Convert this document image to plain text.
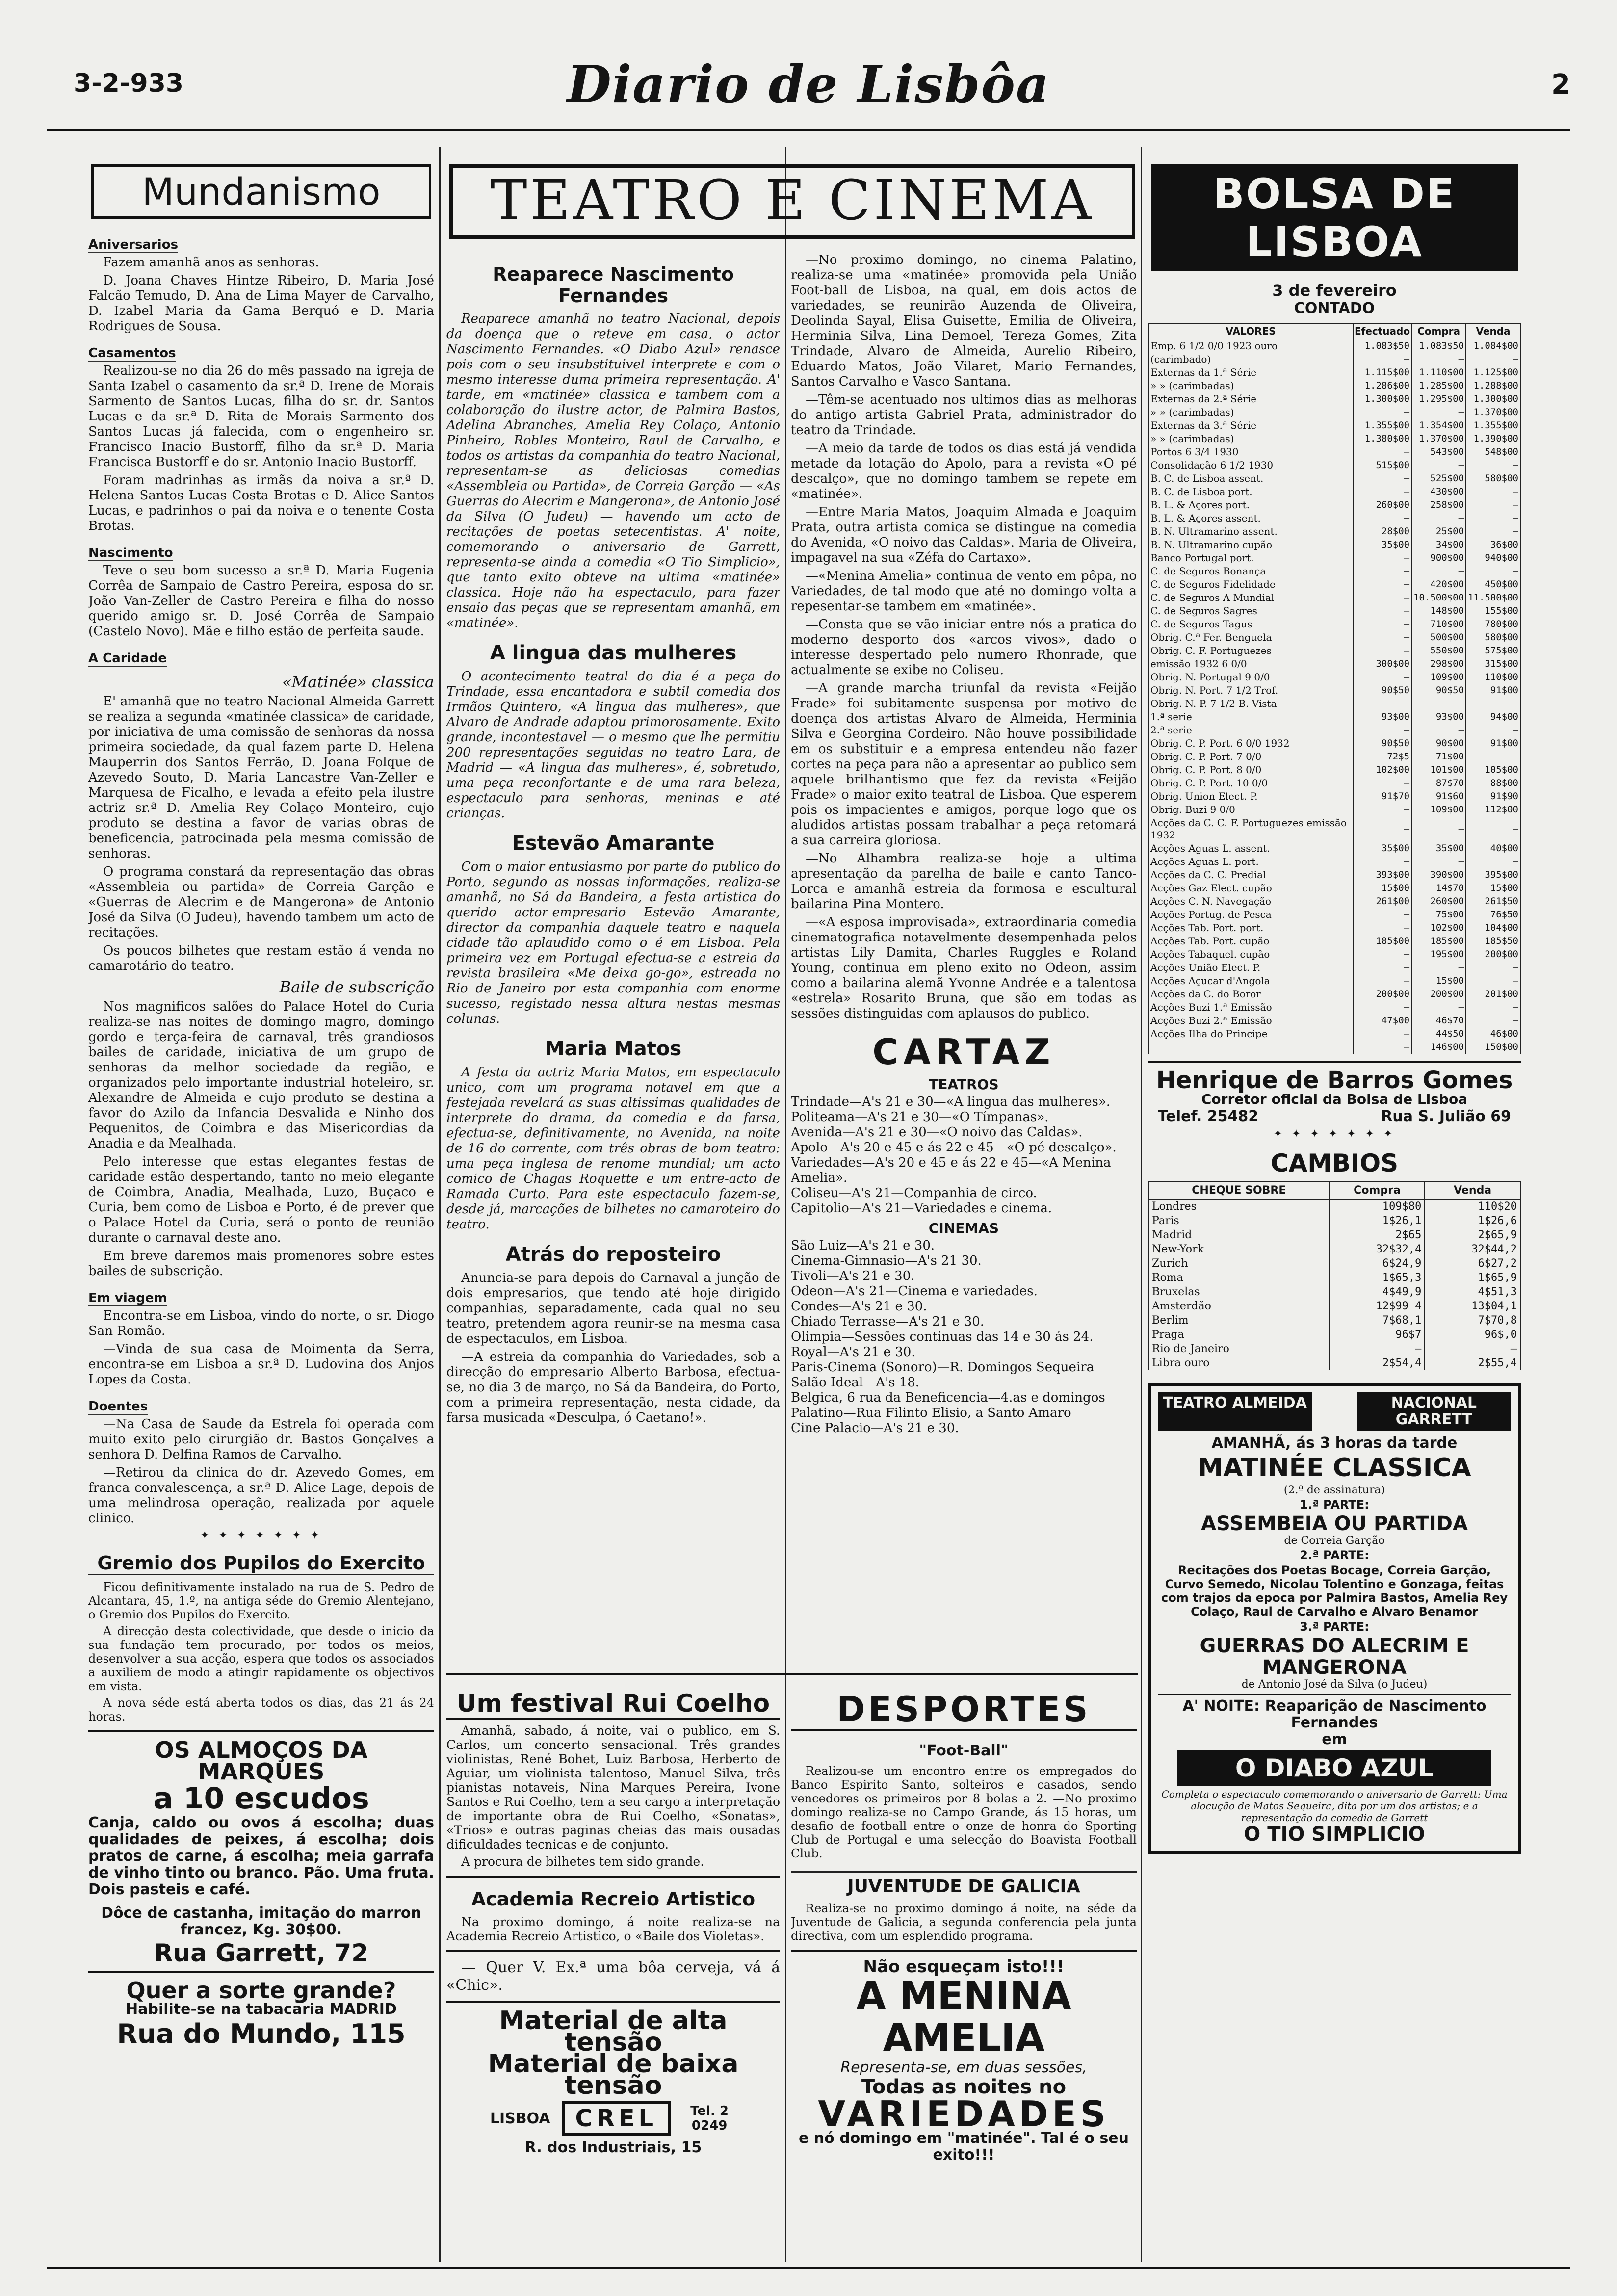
3-2-933	Diario de Lisbôa	2
Mundanismo
Aniversarios
Fazem amanhã anos as senhoras.
D. Joana Chaves Hintze Ribeiro, D. Maria José Falcão Temudo, D. Ana de Lima Mayer de Carvalho, D. Izabel Maria da Gama Berquó e D. Maria Rodrigues de Sousa.
Casamentos
Realizou-se no dia 26 do mês passado na igreja de Santa Izabel o casamento da sr.ª D. Irene de Morais Sarmento de Santos Lucas, filha do sr. dr. Santos Lucas e da sr.ª D. Rita de Morais Sarmento dos Santos Lucas já falecida, com o engenheiro sr. Francisco Inacio Bustorff, filho da sr.ª D. Maria Francisca Bustorff e do sr. Antonio Inacio Bustorff.
Foram madrinhas as irmãs da noiva a sr.ª D. Helena Santos Lucas Costa Brotas e D. Alice Santos Lucas, e padrinhos o pai da noiva e o tenente Costa Brotas.
Nascimento
Teve o seu bom sucesso a sr.ª D. Maria Eugenia Corrêa de Sampaio de Castro Pereira, esposa do sr. João Van-Zeller de Castro Pereira e filha do nosso querido amigo sr. D. José Corrêa de Sampaio (Castelo Novo). Mãe e filho estão de perfeita saude.
A Caridade
«Matinée» classica
E' amanhã que no teatro Nacional Almeida Garrett se realiza a segunda «matinée classica» de caridade, por iniciativa de uma comissão de senhoras da nossa primeira sociedade, da qual fazem parte D. Helena Mauperrin dos Santos Ferrão, D. Joana Folque de Azevedo Souto, D. Maria Lancastre Van-Zeller e Marquesa de Ficalho, e levada a efeito pela ilustre actriz sr.ª D. Amelia Rey Colaço Monteiro, cujo produto se destina a favor de varias obras de beneficencia, patrocinada pela mesma comissão de senhoras.
O programa constará da representação das obras «Assembleia ou partida» de Correia Garção e «Guerras de Alecrim e de Mangerona» de Antonio José da Silva (O Judeu), havendo tambem um acto de recitações.
Os poucos bilhetes que restam estão á venda no camarotário do teatro.
Baile de subscrição
Nos magnificos salões do Palace Hotel do Curia realiza-se nas noites de domingo magro, domingo gordo e terça-feira de carnaval, três grandiosos bailes de caridade, iniciativa de um grupo de senhoras da melhor sociedade da região, e organizados pelo importante industrial hoteleiro, sr. Alexandre de Almeida e cujo produto se destina a favor do Azilo da Infancia Desvalida e Ninho dos Pequenitos, de Coimbra e das Misericordias da Anadia e da Mealhada.
Pelo interesse que estas elegantes festas de caridade estão despertando, tanto no meio elegante de Coimbra, Anadia, Mealhada, Luzo, Buçaco e Curia, bem como de Lisboa e Porto, é de prever que o Palace Hotel da Curia, será o ponto de reunião durante o carnaval deste ano.
Em breve daremos mais promenores sobre estes bailes de subscrição.
Em viagem
Encontra-se em Lisboa, vindo do norte, o sr. Diogo San Romão.
—Vinda de sua casa de Moimenta da Serra, encontra-se em Lisboa a sr.ª D. Ludovina dos Anjos Lopes da Costa.
Doentes
—Na Casa de Saude da Estrela foi operada com muito exito pelo cirurgião dr. Bastos Gonçalves a senhora D. Delfina Ramos de Carvalho.
—Retirou da clinica do dr. Azevedo Gomes, em franca convalescença, a sr.ª D. Alice Lage, depois de uma melindrosa operação, realizada por aquele clinico.
✦ ✦ ✦ ✦ ✦ ✦ ✦
Gremio dos Pupilos do Exercito
Ficou definitivamente instalado na rua de S. Pedro de Alcantara, 45, 1.º, na antiga séde do Gremio Alentejano, o Gremio dos Pupilos do Exercito.
A direcção desta colectividade, que desde o inicio da sua fundação tem procurado, por todos os meios, desenvolver a sua acção, espera que todos os associados a auxiliem de modo a atingir rapidamente os objectivos em vista.
A nova séde está aberta todos os dias, das 21 ás 24 horas.
OS ALMOÇOS DA MARQUES
a 10 escudos
Canja, caldo ou ovos á escolha; duas qualidades de peixes, á escolha; dois pratos de carne, á escolha; meia garrafa de vinho tinto ou branco. Pão. Uma fruta. Dois pasteis e café.
Dôce de castanha, imitação do marron francez, Kg. 30$00.
Rua Garrett, 72
Quer a sorte grande?
Habilite-se na tabacaria MADRID
Rua do Mundo, 115
TEATRO E CINEMA
Reaparece Nascimento Fernandes
Reaparece amanhã no teatro Nacional, depois da doença que o reteve em casa, o actor Nascimento Fernandes. «O Diabo Azul» renasce pois com o seu insubstituivel interprete e com o mesmo interesse duma primeira representação. A' tarde, em «matinée» classica e tambem com a colaboração do ilustre actor, de Palmira Bastos, Adelina Abranches, Amelia Rey Colaço, Antonio Pinheiro, Robles Monteiro, Raul de Carvalho, e todos os artistas da companhia do teatro Nacional, representam-se as deliciosas comedias «Assembleia ou Partida», de Correia Garção — «As Guerras do Alecrim e Mangerona», de Antonio José da Silva (O Judeu) — havendo um acto de recitações de poetas setecentistas. A' noite, comemorando o aniversario de Garrett, representa-se ainda a comedia «O Tio Simplicio», que tanto exito obteve na ultima «matinée» classica. Hoje não ha espectaculo, para fazer ensaio das peças que se representam amanhã, em «matinée».
A lingua das mulheres
O acontecimento teatral do dia é a peça do Trindade, essa encantadora e subtil comedia dos Irmãos Quintero, «A lingua das mulheres», que Alvaro de Andrade adaptou primorosamente. Exito grande, incontestavel — o mesmo que lhe permitiu 200 representações seguidas no teatro Lara, de Madrid — «A lingua das mulheres», é, sobretudo, uma peça reconfortante e de uma rara beleza, espectaculo para senhoras, meninas e até crianças.
Estevão Amarante
Com o maior entusiasmo por parte do publico do Porto, segundo as nossas informações, realiza-se amanhã, no Sá da Bandeira, a festa artistica do querido actor-empresario Estevão Amarante, director da companhia daquele teatro e naquela cidade tão aplaudido como o é em Lisboa. Pela primeira vez em Portugal efectua-se a estreia da revista brasileira «Me deixa go-go», estreada no Rio de Janeiro por esta companhia com enorme sucesso, registado nessa altura nestas mesmas colunas.
Maria Matos
A festa da actriz Maria Matos, em espectaculo unico, com um programa notavel em que a festejada revelará as suas altissimas qualidades de interprete do drama, da comedia e da farsa, efectua-se, definitivamente, no Avenida, na noite de 16 do corrente, com três obras de bom teatro: uma peça inglesa de renome mundial; um acto comico de Chagas Roquette e um entre-acto de Ramada Curto. Para este espectaculo fazem-se, desde já, marcações de bilhetes no camaroteiro do teatro.
Atrás do reposteiro
Anuncia-se para depois do Carnaval a junção de dois empresarios, que tendo até hoje dirigido companhias, separadamente, cada qual no seu teatro, pretendem agora reunir-se na mesma casa de espectaculos, em Lisboa.
—A estreia da companhia do Variedades, sob a direcção do empresario Alberto Barbosa, efectua-se, no dia 3 de março, no Sá da Bandeira, do Porto, com a primeira representação, nesta cidade, da farsa musicada «Desculpa, ó Caetano!».
—No proximo domingo, no cinema Palatino, realiza-se uma «matinée» promovida pela União Foot-ball de Lisboa, na qual, em dois actos de variedades, se reunirão Auzenda de Oliveira, Deolinda Sayal, Elisa Guisette, Emilia de Oliveira, Herminia Silva, Lina Demoel, Tereza Gomes, Zita Trindade, Alvaro de Almeida, Aurelio Ribeiro, Eduardo Matos, João Vilaret, Mario Fernandes, Santos Carvalho e Vasco Santana.
—Têm-se acentuado nos ultimos dias as melhoras do antigo artista Gabriel Prata, administrador do teatro da Trindade.
—A meio da tarde de todos os dias está já vendida metade da lotação do Apolo, para a revista «O pé descalço», que no domingo tambem se repete em «matinée».
—Entre Maria Matos, Joaquim Almada e Joaquim Prata, outra artista comica se distingue na comedia do Avenida, «O noivo das Caldas». Maria de Oliveira, impagavel na sua «Zéfa do Cartaxo».
—«Menina Amelia» continua de vento em pôpa, no Variedades, de tal modo que até no domingo volta a repesentar-se tambem em «matinée».
—Consta que se vão iniciar entre nós a pratica do moderno desporto dos «arcos vivos», dado o interesse despertado pelo numero Rhonrade, que actualmente se exibe no Coliseu.
—A grande marcha triunfal da revista «Feijão Frade» foi subitamente suspensa por motivo de doença dos artistas Alvaro de Almeida, Herminia Silva e Georgina Cordeiro. Não houve possibilidade em os substituir e a empresa entendeu não fazer cortes na peça para não a apresentar ao publico sem aquele brilhantismo que fez da revista «Feijão Frade» o maior exito teatral de Lisboa. Que esperem pois os impacientes e amigos, porque logo que os aludidos artistas possam trabalhar a peça retomará a sua carreira gloriosa.
—No Alhambra realiza-se hoje a ultima apresentação da parelha de baile e canto Tanco-Lorca e amanhã estreia da formosa e escultural bailarina Pina Montero.
—«A esposa improvisada», extraordinaria comedia cinematografica notavelmente desempenhada pelos artistas Lily Damita, Charles Ruggles e Roland Young, continua em pleno exito no Odeon, assim como a bailarina alemã Yvonne Andrée e a talentosa «estrela» Rosarito Bruna, que são em todas as sessões distinguidas com aplausos do publico.
CARTAZ
TEATROS
Trindade—A's 21 e 30—«A lingua das mulheres».
Politeama—A's 21 e 30—«O Tímpanas».
Avenida—A's 21 e 30—«O noivo das Caldas».
Apolo—A's 20 e 45 e ás 22 e 45—«O pé descalço».
Variedades—A's 20 e 45 e ás 22 e 45—«A Menina Amelia».
Coliseu—A's 21—Companhia de circo.
Capitolio—A's 21—Variedades e cinema.
CINEMAS
São Luiz—A's 21 e 30.
Cinema-Gimnasio—A's 21 30.
Tivoli—A's 21 e 30.
Odeon—A's 21—Cinema e variedades.
Condes—A's 21 e 30.
Chiado Terrasse—A's 21 e 30.
Olimpia—Sessões continuas das 14 e 30 ás 24.
Royal—A's 21 e 30.
Paris-Cinema (Sonoro)—R. Domingos Sequeira
Salão Ideal—A's 18.
Belgica, 6 rua da Beneficencia—4.as e domingos
Palatino—Rua Filinto Elisio, a Santo Amaro
Cine Palacio—A's 21 e 30.
Um festival Rui Coelho
Amanhã, sabado, á noite, vai o publico, em S. Carlos, um concerto sensacional. Três grandes violinistas, René Bohet, Luiz Barbosa, Herberto de Aguiar, um violinista talentoso, Manuel Silva, três pianistas notaveis, Nina Marques Pereira, Ivone Santos e Rui Coelho, tem a seu cargo a interpretação de importante obra de Rui Coelho, «Sonatas», «Trios» e outras paginas cheias das mais ousadas dificuldades tecnicas e de conjunto.
A procura de bilhetes tem sido grande.
Academia Recreio Artistico
Na proximo domingo, á noite realiza-se na Academia Recreio Artistico, o «Baile dos Violetas».
— Quer V. Ex.ª uma bôa cerveja, vá á «Chic».
Material de alta tensão
Material de baixa tensão
LISBOA	CREL	Tel. 2 0249
R. dos Industriais, 15
DESPORTES
"Foot-Ball"
Realizou-se um encontro entre os empregados do Banco Espirito Santo, solteiros e casados, sendo vencedores os primeiros por 8 bolas a 2. —No proximo domingo realiza-se no Campo Grande, ás 15 horas, um desafio de football entre o onze de honra do Sporting Club de Portugal e uma selecção do Boavista Football Club.
JUVENTUDE DE GALICIA
Realiza-se no proximo domingo á noite, na séde da Juventude de Galicia, a segunda conferencia pela junta directiva, com um esplendido programa.
Não esqueçam isto!!!
A MENINA AMELIA
Representa-se, em duas sessões,
Todas as noites no
VARIEDADES
e nó domingo em "matinée". Tal é o seu exito!!!
BOLSA DE LISBOA
3 de fevereiro
CONTADO
VALORES	Efectuado	Compra	Venda
Emp. 6 1/2 0/0 1923 ouro	1.083$50	1.083$50	1.084$00
(carimbado)	—	—	—
Externas da 1.ª Série	1.115$00	1.110$00	1.125$00
» » (carimbadas)	1.286$00	1.285$00	1.288$00
Externas da 2.ª Série	1.300$00	1.295$00	1.300$00
» » (carimbadas)	—	—	1.370$00
Externas da 3.ª Série	1.355$00	1.354$00	1.355$00
» » (carimbadas)	1.380$00	1.370$00	1.390$00
Portos 6 3/4 1930	—	543$00	548$00
Consolidação 6 1/2 1930	515$00	—	—
B. C. de Lisboa assent.	—	525$00	580$00
B. C. de Lisboa port.	—	430$00	—
B. L. & Açores port.	260$00	258$00	—
B. L. & Açores assent.	—	—	—
B. N. Ultramarino assent.	28$00	25$00	—
B. N. Ultramarino cupão	35$00	34$00	36$00
Banco Portugal port.	—	900$00	940$00
C. de Seguros Bonança	—	—	—
C. de Seguros Fidelidade	—	420$00	450$00
C. de Seguros A Mundial	—	10.500$00	11.500$00
C. de Seguros Sagres	—	148$00	155$00
C. de Seguros Tagus	—	710$00	780$00
Obrig. C.ª Fer. Benguela	—	500$00	580$00
Obrig. C. F. Portuguezes	—	550$00	575$00
emissão 1932 6 0/0	300$00	298$00	315$00
Obrig. N. Portugal 9 0/0	—	109$00	110$00
Obrig. N. Port. 7 1/2 Trof.	90$50	90$50	91$00
Obrig. N. P. 7 1/2 B. Vista	—	—	—
1.ª serie	93$00	93$00	94$00
2.ª serie	—	—	—
Obrig. C. P. Port. 6 0/0 1932	90$50	90$00	91$00
Obrig. C. P. Port. 7 0/0	72$5	71$00	—
Obrig. C. P. Port. 8 0/0	102$00	101$00	105$00
Obrig. C. P. Port. 10 0/0	—	87$70	88$00
Obrig. Union Elect. P.	91$70	91$60	91$90
Obrig. Buzi 9 0/0	—	109$00	112$00
Acções da C. C. F. Portuguezes emissão 1932	—	—	—
Acções Aguas L. assent.	35$00	35$00	40$00
Acções Aguas L. port.	—	—	—
Acções da C. C. Predial	393$00	390$00	395$00
Acções Gaz Elect. cupão	15$00	14$70	15$00
Acções C. N. Navegação	261$00	260$00	261$50
Acções Portug. de Pesca	—	75$00	76$50
Acções Tab. Port. port.	—	102$00	104$00
Acções Tab. Port. cupão	185$00	185$00	185$50
Acções Tabaquel. cupão	—	195$00	200$00
Acções União Elect. P.	—	—	—
Acções Açucar d'Angola	—	15$00	—
Acções da C. do Boror	200$00	200$00	201$00
Acções Buzi 1.ª Emissão	—	—	—
Acções Buzi 2.ª Emissão	47$00	46$70	—
Acções Ilha do Principe	—	44$50	46$00
	—	146$00	150$00
Henrique de Barros Gomes
Corretor oficial da Bolsa de Lisboa
Telef. 25482	Rua S. Julião 69
✦ ✦ ✦ ✦ ✦ ✦ ✦
CAMBIOS
CHEQUE SOBRE	Compra	Venda
Londres	109$80	110$20
Paris	1$26,1	1$26,6
Madrid	2$65	2$65,9
New-York	32$32,4	32$44,2
Zurich	6$24,9	6$27,2
Roma	1$65,3	1$65,9
Bruxelas	4$49,9	4$51,3
Amsterdão	12$99 4	13$04,1
Berlim	7$68,1	7$70,8
Praga	96$7	96$,0
Rio de Janeiro	—	—
Libra ouro	2$54,4	2$55,4
TEATRO ALMEIDA	NACIONAL GARRETT
AMANHÃ, ás 3 horas da tarde
MATINÉE CLASSICA
(2.ª de assinatura)
1.ª PARTE:
ASSEMBEIA OU PARTIDA
de Correia Garção
2.ª PARTE:
Recitações dos Poetas Bocage, Correia Garção, Curvo Semedo, Nicolau Tolentino e Gonzaga, feitas com trajos da epoca por Palmira Bastos, Amelia Rey Colaço, Raul de Carvalho e Alvaro Benamor
3.ª PARTE:
GUERRAS DO ALECRIM E MANGERONA
de Antonio José da Silva (o Judeu)
A' NOITE: Reaparição de Nascimento Fernandes
em
O DIABO AZUL
Completa o espectaculo comemorando o aniversario de Garrett: Uma alocução de Matos Sequeira, dita por um dos artistas; e a representação da comedia de Garrett
O TIO SIMPLICIO
